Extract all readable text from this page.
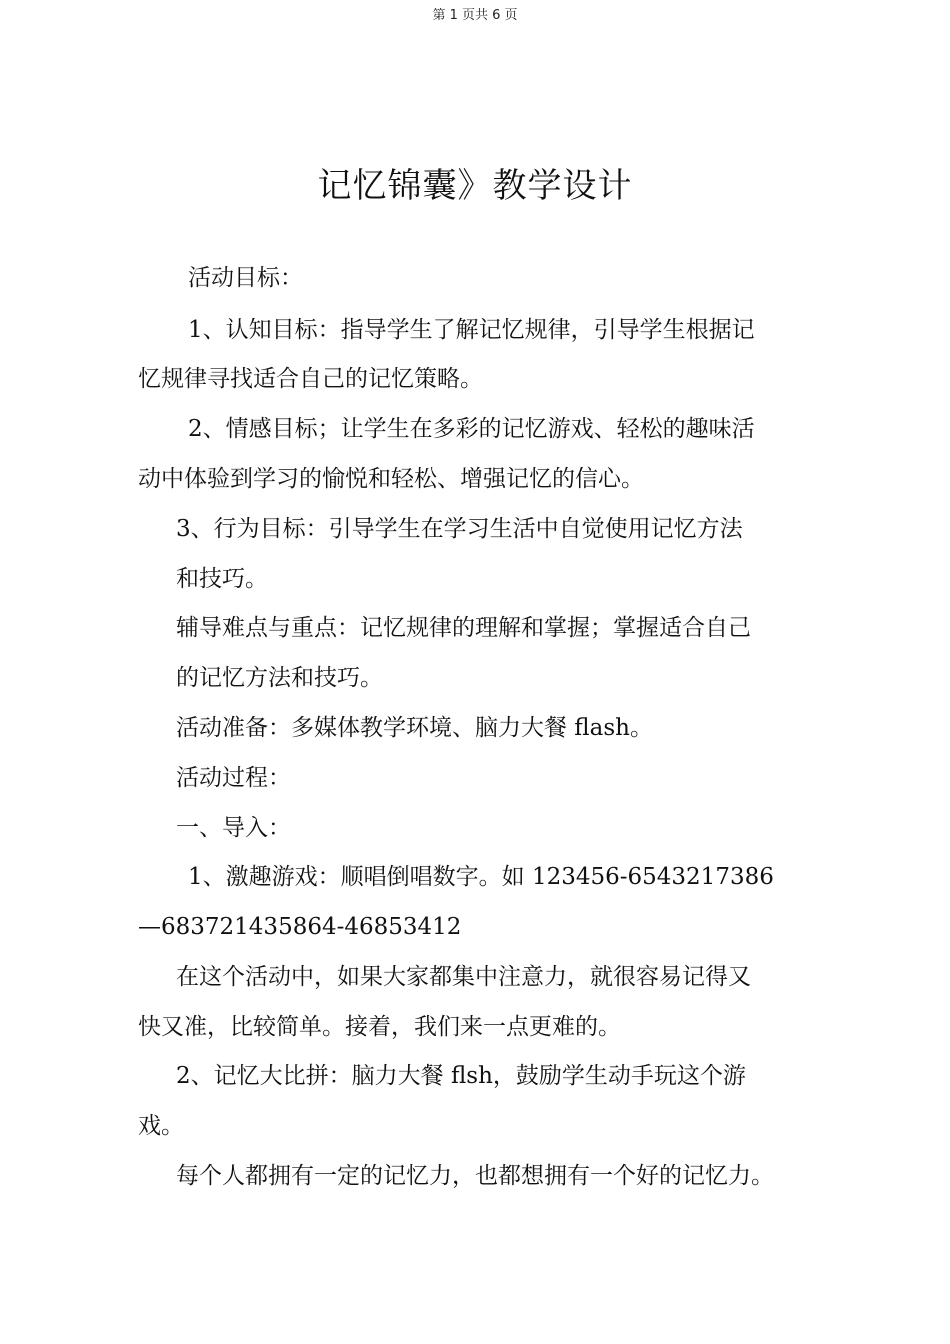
第 1 页共 6 页
记忆锦囊》教学设计
活动目标：
1、认知目标：指导学生了解记忆规律，引导学生根据记
忆规律寻找适合自己的记忆策略。
2、情感目标；让学生在多彩的记忆游戏、轻松的趣味活
动中体验到学习的愉悦和轻松、增强记忆的信心。
3、行为目标：引导学生在学习生活中自觉使用记忆方法
和技巧。
辅导难点与重点：记忆规律的理解和掌握；掌握适合自己
的记忆方法和技巧。
活动准备：多媒体教学环境、脑力大餐 flash。
活动过程：
一、导入：
1、激趣游戏：顺唱倒唱数字。如 123456-6543217386
—683721435864-46853412
在这个活动中，如果大家都集中注意力，就很容易记得又
快又准，比较简单。接着，我们来一点更难的。
2、记忆大比拼：脑力大餐 flsh，鼓励学生动手玩这个游
戏。
每个人都拥有一定的记忆力，也都想拥有一个好的记忆力。
